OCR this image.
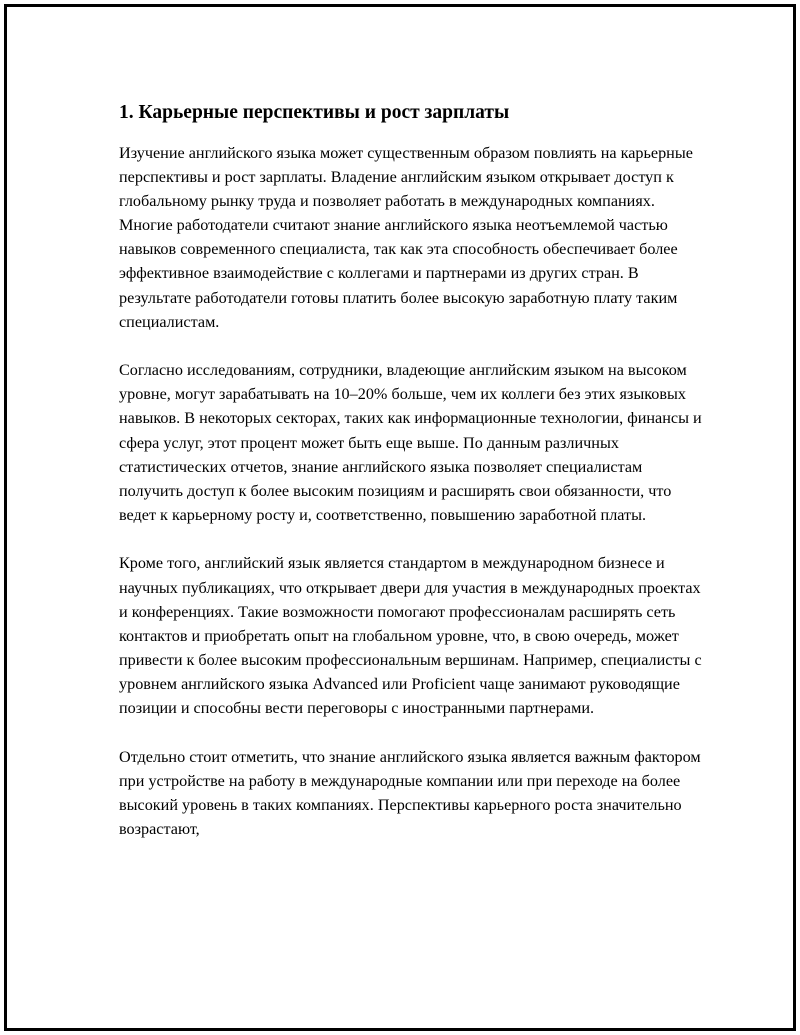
1. Карьерные перспективы и рост зарплаты

Изучение английского языка может существенным образом повлиять на карьерные перспективы и рост зарплаты. Владение английским языком открывает доступ к глобальному рынку труда и позволяет работать в международных компаниях. Многие работодатели считают знание английского языка неотъемлемой частью навыков современного специалиста, так как эта способность обеспечивает более эффективное взаимодействие с коллегами и партнерами из других стран. В результате работодатели готовы платить более высокую заработную плату таким специалистам.

Согласно исследованиям, сотрудники, владеющие английским языком на высоком уровне, могут зарабатывать на 10–20% больше, чем их коллеги без этих языковых навыков. В некоторых секторах, таких как информационные технологии, финансы и сфера услуг, этот процент может быть еще выше. По данным различных статистических отчетов, знание английского языка позволяет специалистам получить доступ к более высоким позициям и расширять свои обязанности, что ведет к карьерному росту и, соответственно, повышению заработной платы.

Кроме того, английский язык является стандартом в международном бизнесе и научных публикациях, что открывает двери для участия в международных проектах и конференциях. Такие возможности помогают профессионалам расширять сеть контактов и приобретать опыт на глобальном уровне, что, в свою очередь, может привести к более высоким профессиональным вершинам. Например, специалисты с уровнем английского языка Advanced или Proficient чаще занимают руководящие позиции и способны вести переговоры с иностранными партнерами.

Отдельно стоит отметить, что знание английского языка является важным фактором при устройстве на работу в международные компании или при переходе на более высокий уровень в таких компаниях. Перспективы карьерного роста значительно возрастают,
